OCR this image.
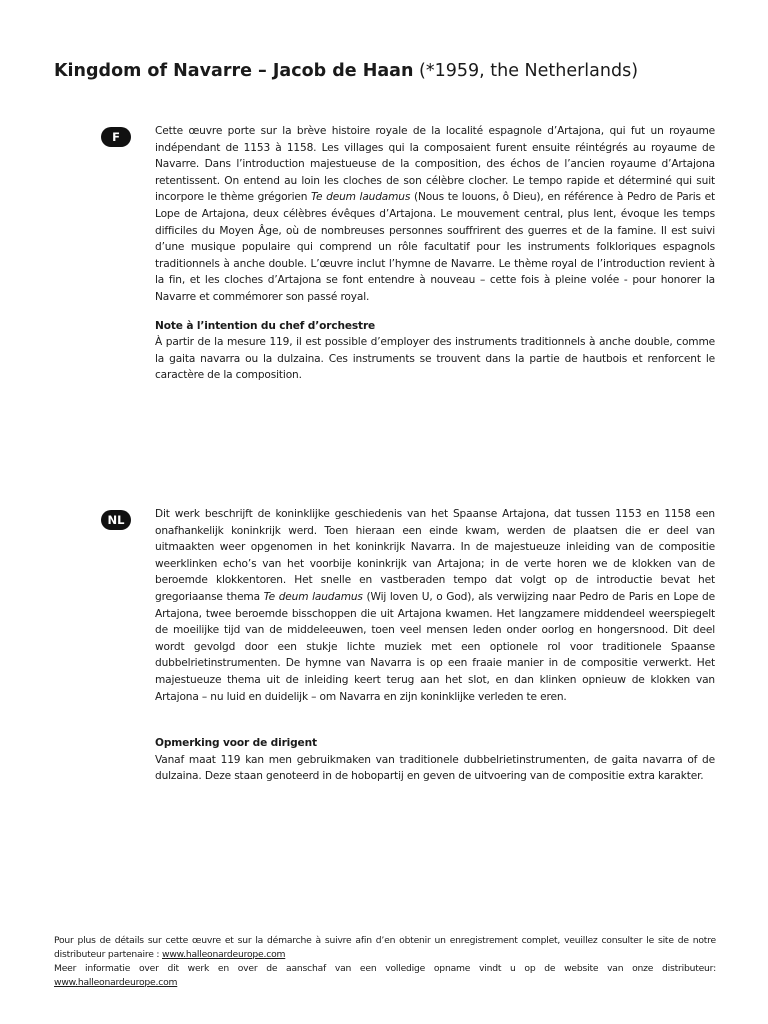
Kingdom of Navarre – Jacob de Haan (*1959, the Netherlands)
F	Cette œuvre porte sur la brève histoire royale de la localité espagnole d’Artajona, qui fut un royaume indépendant de 1153 à 1158. Les villages qui la composaient furent ensuite réintégrés au royaume de Navarre. Dans l’introduction majestueuse de la composition, des échos de l’ancien royaume d’Artajona retentissent. On entend au loin les cloches de son célèbre clocher. Le tempo rapide et déterminé qui suit incorpore le thème grégorien Te deum laudamus (Nous te louons, ô Dieu), en référence à Pedro de Paris et Lope de Artajona, deux célèbres évêques d’Artajona. Le mouvement central, plus lent, évoque les temps difficiles du Moyen Âge, où de nombreuses personnes souffrirent des guerres et de la famine. Il est suivi d’une musique populaire qui comprend un rôle facultatif pour les instruments folkloriques espagnols traditionnels à anche double. L’œuvre inclut l’hymne de Navarre. Le thème royal de l’introduction revient à la fin, et les cloches d’Artajona se font entendre à nouveau – cette fois à pleine volée - pour honorer la Navarre et commémorer son passé royal.

Note à l’intention du chef d’orchestre

À partir de la mesure 119, il est possible d’employer des instruments traditionnels à anche double, comme la gaita navarra ou la dulzaina. Ces instruments se trouvent dans la partie de hautbois et renforcent le caractère de la composition.

NL	Dit werk beschrijft de koninklijke geschiedenis van het Spaanse Artajona, dat tussen 1153 en 1158 een onafhankelijk koninkrijk werd. Toen hieraan een einde kwam, werden de plaatsen die er deel van uitmaakten weer opgenomen in het koninkrijk Navarra. In de majestueuze inleiding van de compositie weerklinken echo’s van het voorbije koninkrijk van Artajona; in de verte horen we de klokken van de beroemde klokkentoren. Het snelle en vastberaden tempo dat volgt op de introductie bevat het gregoriaanse thema Te deum laudamus (Wij loven U, o God), als verwijzing naar Pedro de Paris en Lope de Artajona, twee beroemde bisschoppen die uit Artajona kwamen. Het langzamere middendeel weerspiegelt de moeilijke tijd van de middeleeuwen, toen veel mensen leden onder oorlog en hongersnood. Dit deel wordt gevolgd door een stukje lichte muziek met een optionele rol voor traditionele Spaanse dubbelrietinstrumenten. De hymne van Navarra is op een fraaie manier in de compositie verwerkt. Het majestueuze thema uit de inleiding keert terug aan het slot, en dan klinken opnieuw de klokken van Artajona – nu luid en duidelijk – om Navarra en zijn koninklijke verleden te eren.

Opmerking voor de dirigent

Vanaf maat 119 kan men gebruikmaken van traditionele dubbelrietinstrumenten, de gaita navarra of de dulzaina. Deze staan genoteerd in de hobopartij en geven de uitvoering van de compositie extra karakter.

Pour plus de détails sur cette œuvre et sur la démarche à suivre afin d’en obtenir un enregistrement complet, veuillez consulter le site de notre distributeur partenaire : www.halleonardeurope.com

Meer informatie over dit werk en over de aanschaf van een volledige opname vindt u op de website van onze distributeur: www.halleonardeurope.com
